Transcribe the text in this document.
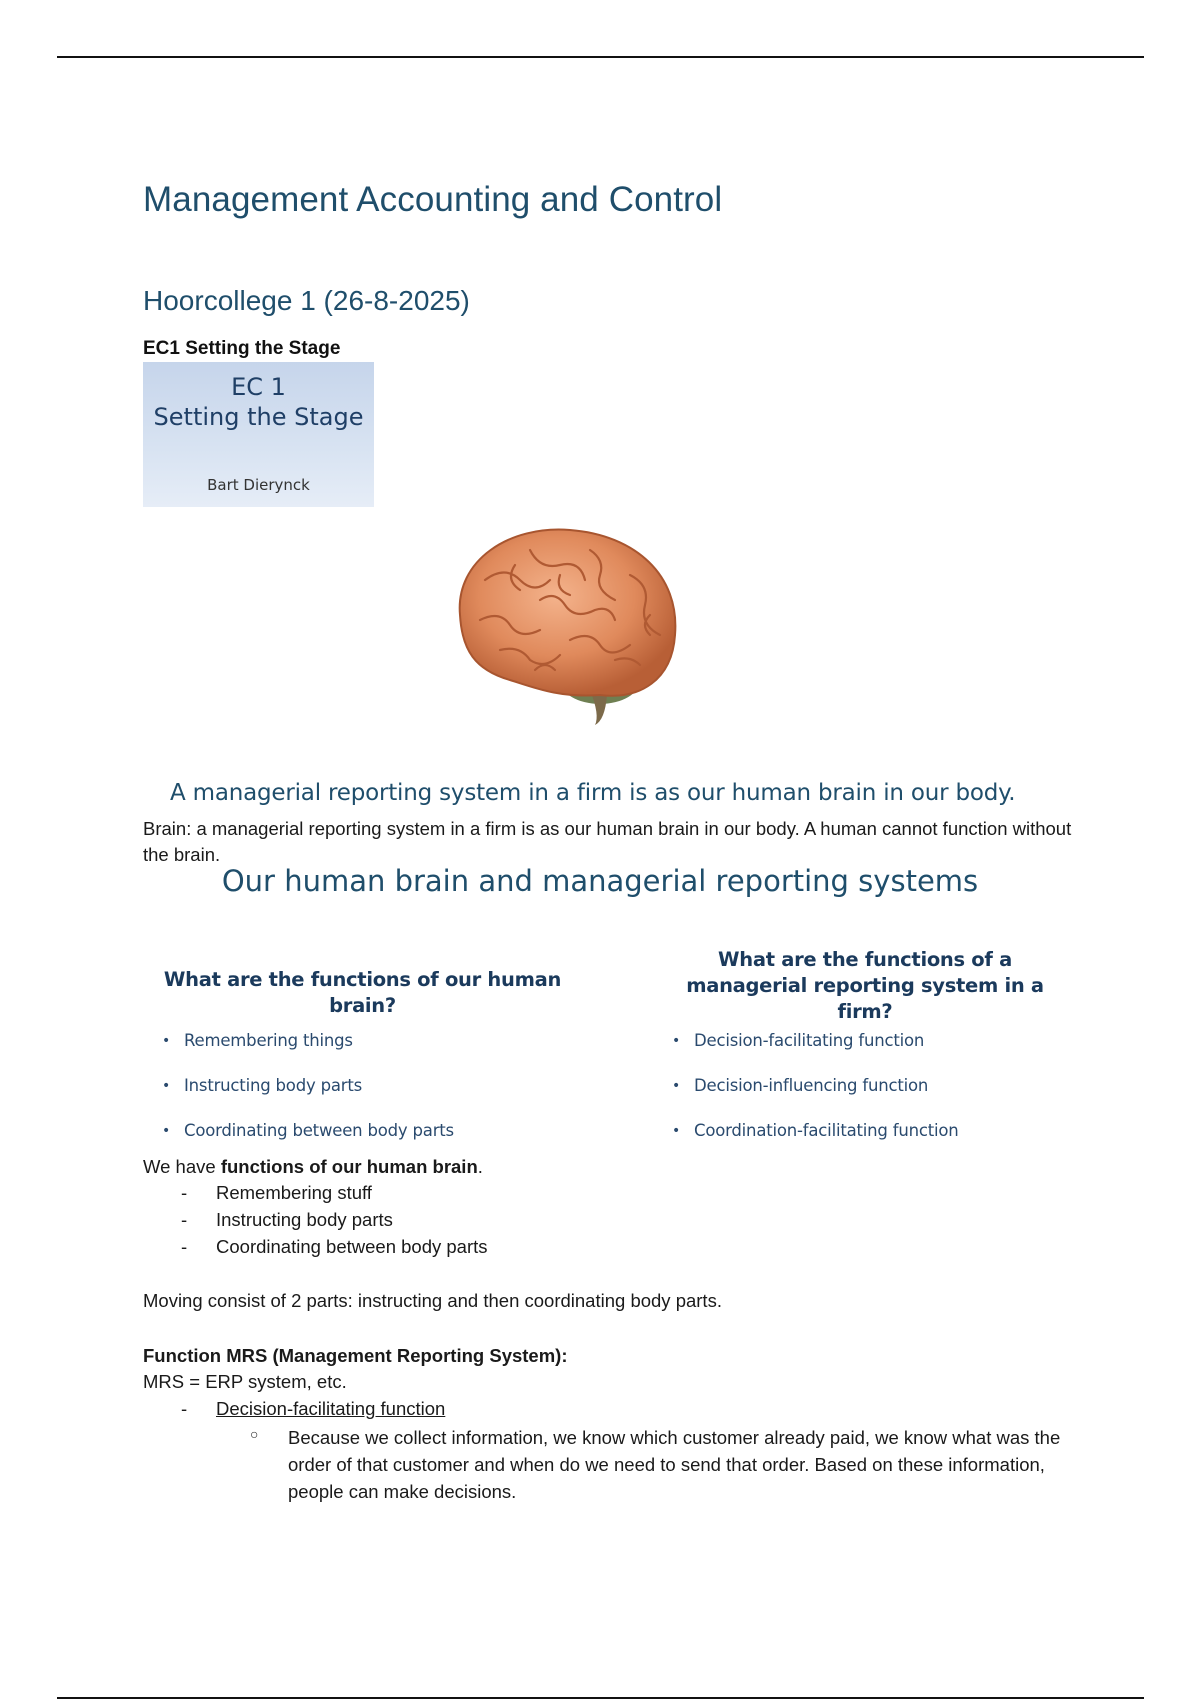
Management Accounting and Control
Hoorcollege 1 (26-8-2025)
EC1 Setting the Stage
EC 1
Setting the Stage
Bart Dierynck
A managerial reporting system in a firm is as our human brain in our body.
Brain: a managerial reporting system in a firm is as our human brain in our body. A human cannot function without the brain.
Our human brain and managerial reporting systems
What are the functions of our human brain?
What are the functions of a managerial reporting system in a firm?
• Remembering things
• Instructing body parts
• Coordinating between body parts
• Decision-facilitating function
• Decision-influencing function
• Coordination-facilitating function
We have functions of our human brain.
- Remembering stuff
- Instructing body parts
- Coordinating between body parts
Moving consist of 2 parts: instructing and then coordinating body parts.
Function MRS (Management Reporting System):
MRS = ERP system, etc.
- Decision-facilitating function
○ Because we collect information, we know which customer already paid, we know what was the order of that customer and when do we need to send that order. Based on these information, people can make decisions.
